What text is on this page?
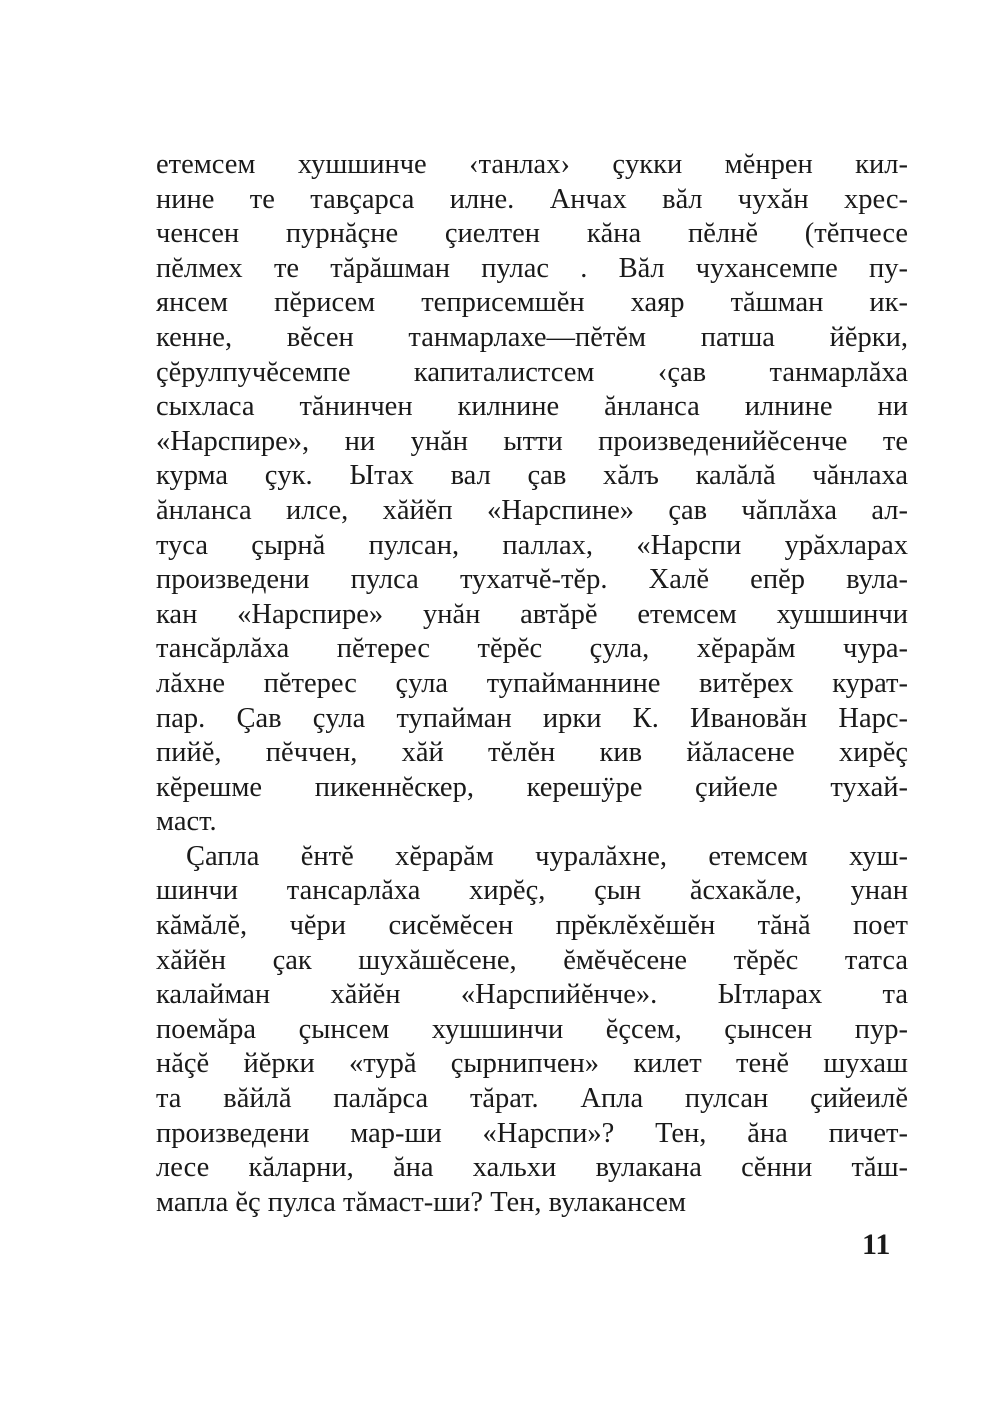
етемсем хушшинче ‹танлах› çукки мĕнрен кил-
нине те тавçарса илне. Анчах вăл чухăн хрес-
ченсен пурнăçне çиелтен кăна пĕлнĕ (тĕпчесе
пĕлмех те тăрăшман пулас . Вăл чухансемпе пу-
янсем пĕрисем теприсемшĕн хаяр тăшман ик-
кенне, вĕсен танмарлахе—пĕтĕм патша йĕрки,
çĕрулпучĕсемпе капиталистсем ‹çав танмарлăха
сыхласа тăнинчен килнине ăнланса илнине ни
«Нарспире», ни унăн ытти произведенийĕсенче те
курма çук. Ытах вал çав хăлъ калăлă чăнлаха
ăнланса илсе, хăйĕп «Нарспине» çав чăплăха ал-
туса çырнă пулсан, паллах, «Нарспи урăхларах
произведени пулса тухатчĕ-тĕр. Халĕ епĕр вула-
кан «Нарспире» унăн автăрĕ етемсем хушшинчи
тансăрлăха пĕтерес тĕрĕс çула, хĕрарăм чура-
лăхне пĕтерес çула тупайманнине витĕрех курат-
пар. Çав çула тупайман ирки К. Ивановăн Нарс-
пийĕ, пĕччен, хăй тĕлĕн кив йăласене хирĕç
кĕрешме пикеннĕскер, керешÿре çийеле тухай-
маст.
Çапла ĕнтĕ хĕрарăм чуралăхне, етемсем хуш-
шинчи тансарлăха хирĕç, çын ăсхакăле, унан
кăмăлĕ, чĕри сисĕмĕсен прĕклĕхĕшĕн тăнă поет
хăйĕн çак шухăшĕсене, ĕмĕчĕсене тĕрĕс татса
калайман хăйĕн «Нарспийĕнче». Ытларах та
поемăра çынсем хушшинчи ĕçсем, çынсен пур-
нăçĕ йĕрки «турă çырнипчен» килет тенĕ шухаш
та вăйлă палăрса тăрат. Апла пулсан çийеилĕ
произведени мар-ши «Нарспи»? Тен, ăна пичет-
лесе кăларни, ăна хальхи вулакана сĕнни тăш-
мапла ĕç пулса тăмаст-ши? Тен, вулакансем
11
